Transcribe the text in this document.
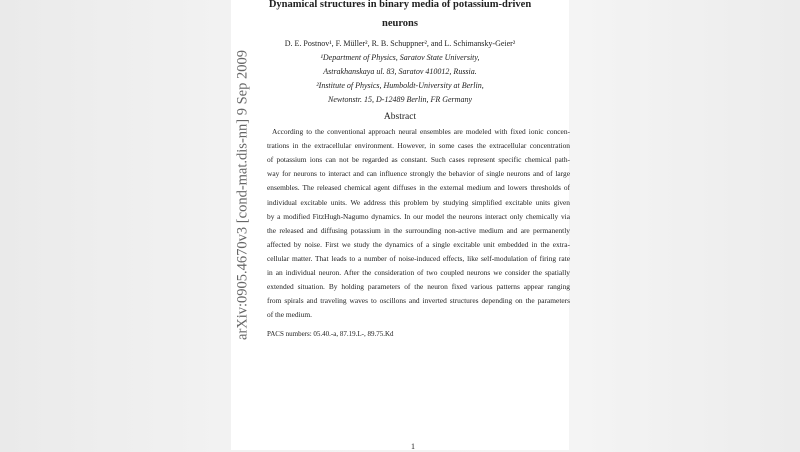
Dynamical structures in binary media of potassium-driven
neurons
D. E. Postnov¹, F. Müller², R. B. Schuppner², and L. Schimansky-Geier²
¹Department of Physics, Saratov State University,
Astrakhanskaya ul. 83, Saratov 410012, Russia.
²Institute of Physics, Humboldt-University at Berlin,
Newtonstr. 15, D-12489 Berlin, FR Germany
Abstract
According to the conventional approach neural ensembles are modeled with fixed ionic concen-
trations in the extracellular environment. However, in some cases the extracellular concentration
of potassium ions can not be regarded as constant. Such cases represent specific chemical path-
way for neurons to interact and can influence strongly the behavior of single neurons and of large
ensembles. The released chemical agent diffuses in the external medium and lowers thresholds of
individual excitable units. We address this problem by studying simplified excitable units given
by a modified FitzHugh-Nagumo dynamics. In our model the neurons interact only chemically via
the released and diffusing potassium in the surrounding non-active medium and are permanently
affected by noise. First we study the dynamics of a single excitable unit embedded in the extra-
cellular matter. That leads to a number of noise-induced effects, like self-modulation of firing rate
in an individual neuron. After the consideration of two coupled neurons we consider the spatially
extended situation. By holding parameters of the neuron fixed various patterns appear ranging
from spirals and traveling waves to oscillons and inverted structures depending on the parameters
of the medium.
PACS numbers: 05.40.-a, 87.19.L-, 89.75.Kd
1
arXiv:0905.4670v3 [cond-mat.dis-nn] 9 Sep 2009
